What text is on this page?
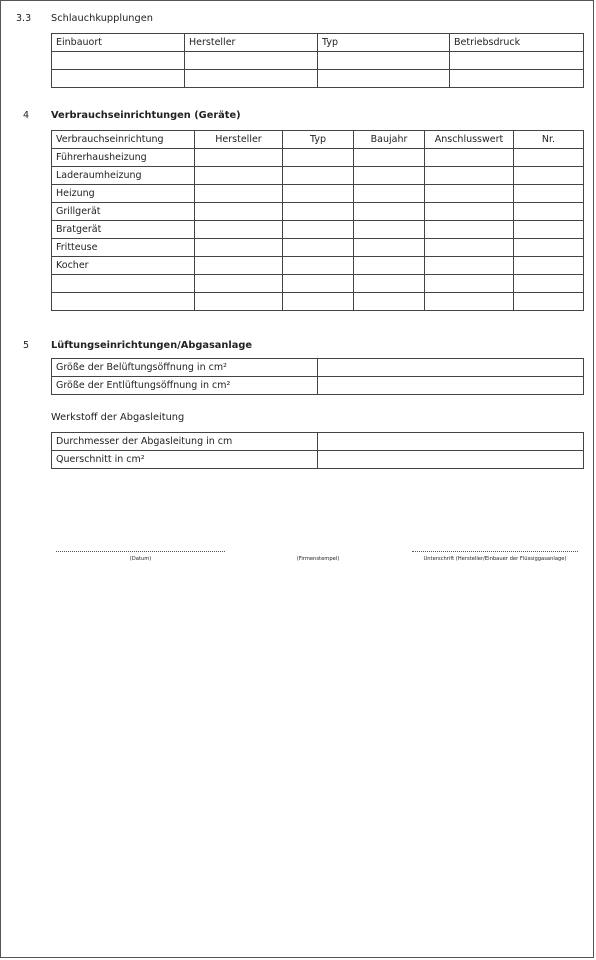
3.3 Schlauchkupplungen
Einbauort	Hersteller	Typ	Betriebsdruck

4 Verbrauchseinrichtungen (Geräte)
Verbrauchseinrichtung	Hersteller	Typ	Baujahr	Anschlusswert	Nr.
Führerhausheizung					
Laderaumheizung					
Heizung					
Grillgerät					
Bratgerät					
Fritteuse					
Kocher					

5 Lüftungseinrichtungen/Abgasanlage
Größe der Belüftungsöffnung in cm²	
Größe der Entlüftungsöffnung in cm²	
Werkstoff der Abgasleitung
Durchmesser der Abgasleitung in cm	
Querschnitt in cm²	
(Datum)	(Firmenstempel)	Unterschrift (Hersteller/Einbauer der Flüssiggasanlage)
